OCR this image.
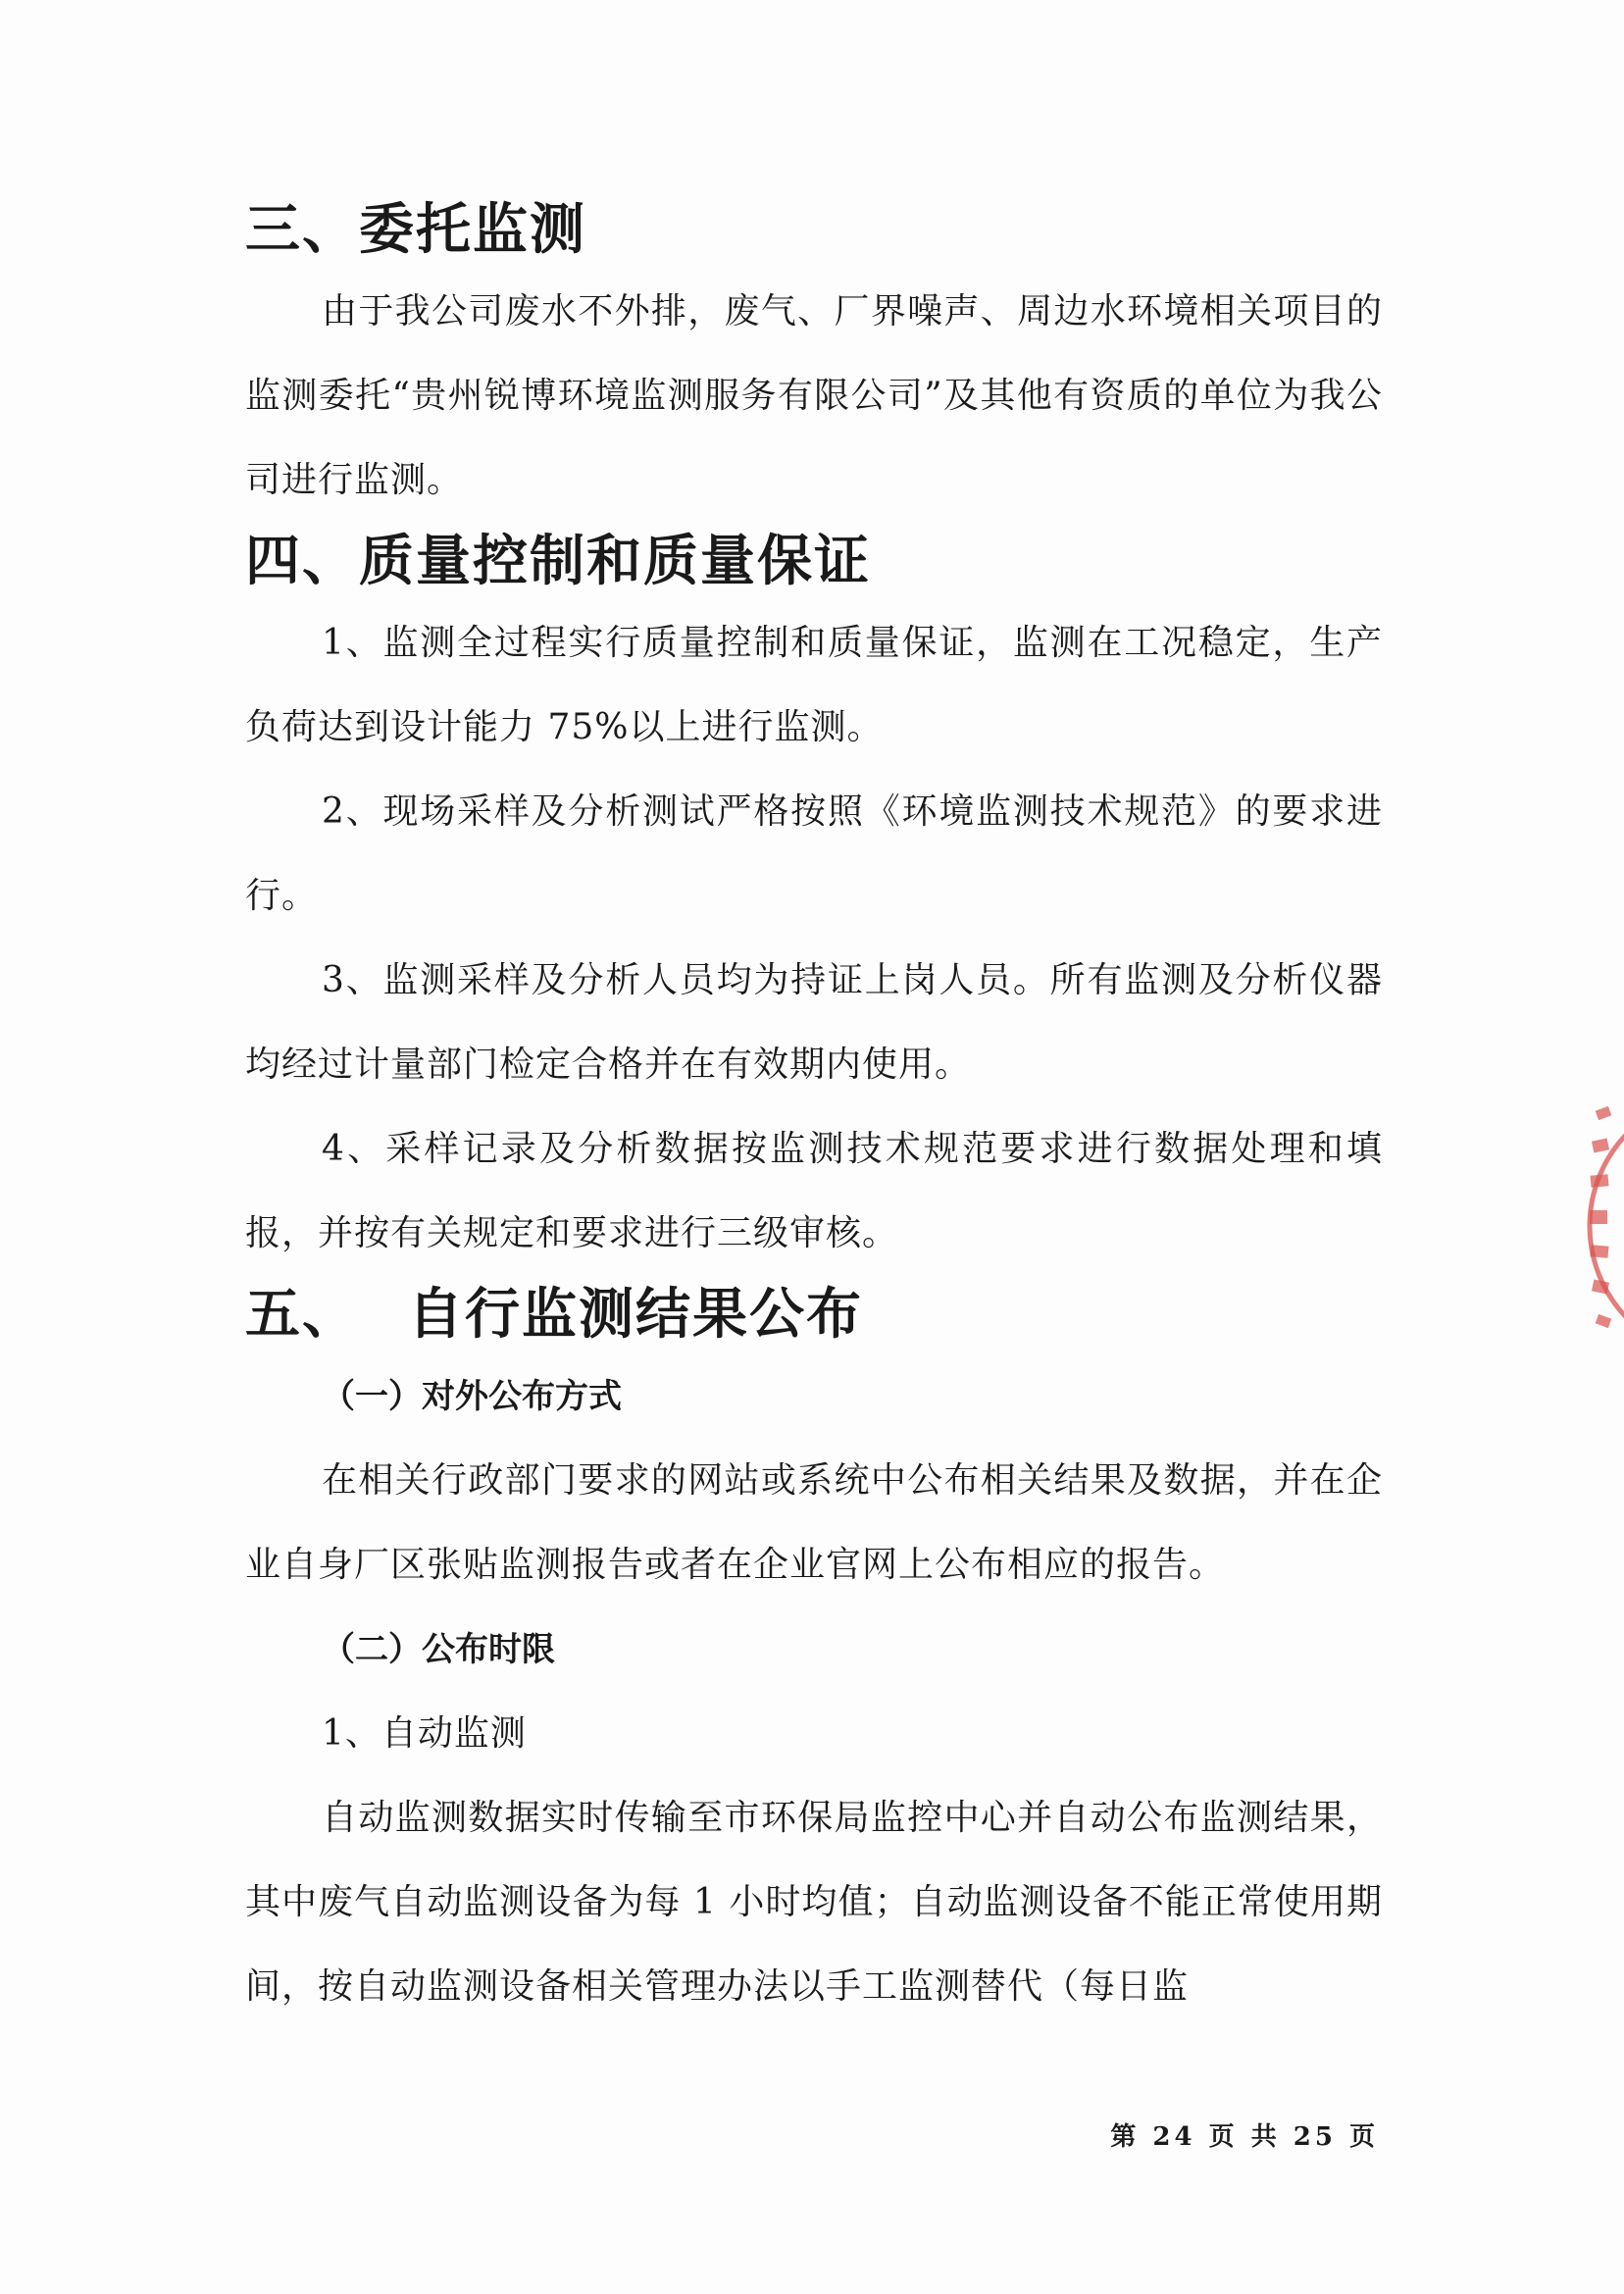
三、委托监测

由于我公司废水不外排，废气、厂界噪声、周边水环境相关项目的监测委托“贵州锐博环境监测服务有限公司”及其他有资质的单位为我公司进行监测。

四、质量控制和质量保证

1、监测全过程实行质量控制和质量保证，监测在工况稳定，生产负荷达到设计能力 75%以上进行监测。

2、现场采样及分析测试严格按照《环境监测技术规范》的要求进行。

3、监测采样及分析人员均为持证上岗人员。所有监测及分析仪器均经过计量部门检定合格并在有效期内使用。

4、采样记录及分析数据按监测技术规范要求进行数据处理和填报，并按有关规定和要求进行三级审核。

五、 自行监测结果公布

（一）对外公布方式

在相关行政部门要求的网站或系统中公布相关结果及数据，并在企业自身厂区张贴监测报告或者在企业官网上公布相应的报告。

（二）公布时限

1、自动监测

自动监测数据实时传输至市环保局监控中心并自动公布监测结果，其中废气自动监测设备为每 1 小时均值；自动监测设备不能正常使用期间，按自动监测设备相关管理办法以手工监测替代（每日监

第 24 页 共 25 页
